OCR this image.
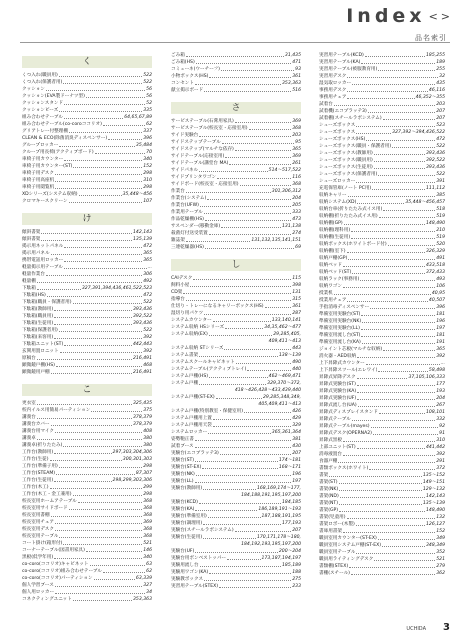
Index < >
品名索引
く
くつ入れ(職員用)	522
くつ入れ(保護者用)	522
クッション	56
クッション(EVA製ドーナツ型)	56
クッションスタンド	52
クッションビーズ	335
組み合わせテーブル	64,65,67,89
組み合わせテーブル(co-coroココリオ)	62
グリアトレー付整理棚	337
CLEAN & ECO(除菌消臭ディスペンサー)	396
グループロッカー	35,484
クループ用長椅(アクティブボード)	70
車椅子用カウンター	340
車椅子用カウンター(ST)	152
車椅子用デスク	298
車椅子用高座机	310
車椅子用閲覧机	298
XDシリーズ(システム収納)	35,448〜456
クロマキースクリーン	107
け
傾斜書架	142,143
傾斜書架	135,139
掲示用ネットパネル	472
掲示用パネル	365
携帯電話用ロッカー	365
軽量掲示用テーブル	...
軽量作業台	306
軽量棚	492
下駄箱	327,391,394,436,461,522,523
下駄箱(HS)	472
下駄箱(職員・保護者用)	522
下駄箱(教師用)	393,436
下駄箱(職員用)	392,522
下駄箱(生徒用)	393,436
下駄箱(保護者用)	522
下駄箱(来客用)	392
下駄箱ユニット(ST)	442,443
玄関用置ロニット	392
原稿台	216,491
顕微鏡戸棚(HS)	468
顕微鏡用戸棚	216,491
こ
更衣室	325,435
校内イルス用簡易パーティション	375
講義台	378,379
講義台カバー	378,379
講義台用マイク	408
講義卓	380
講義卓(折りたたみ)	380
工作台(教師用)	297,303,304,306
工作台(生徒)	300,301,303
工作台(準備子用)	298
工作台(STEAM)	87,307
工作台(生徒用)	298,299,303,306
工作台(木工)	299
工作台(木工・金工兼用)	298
校長室用ホームアテーブル	368
校長室用サイドボード	368
校長室用書棚	368
校長室用チェア	369
校長室用デスク	368
校長室用テーブル	368
コート掛け(箱形付)	521
コーナーテーブル(図書用家具)	146
黒板(低学年用)	340
co-coro(ココリオ)キャビネット	63
co-coro(ココリオ)組み合わせテーブル	62
co-coro(ココリオ)パーティション	63,339
個人学習ブース	327
個人用ロッカー	34
コネクティングユニット	353,363
ごみ箱	31,435
ごみ箱(HS)	471
コミューネ(ウーチーフ)	93
小物ボックス(HS)	361
コンセント	353,363
献立掲示ボード	516
さ
サービステーブル(石膏用家具)	369
サービステーブル(校長室・応接室用)	368
サイド実験台	203
サイドステップテーブル	95
サイドステップ(マルチな依存)	365
サイドテーブル(応接室用)	369
サイドテーブル(講堂台 MA)	261
サイドパネル	514〜517,522
サイドプリンタワゴン	116
サイドボード(校長室・応接室用)	368
作業台	301,306,312
作業台(システム)	204
作業台(UFW)	205
作業用テーブル	333
作品乾燥棚(HS)	473
サスペンダー(移動金庫)	131,138
殺菌灯付送受装置	274
雑誌架	131,132,135,141,151
三連乾燥器(HS)	69
し
CAIデスク	115
飼料小屋	398
CD架	131
指導台	315
仕切り・トレーになるキャリーボックス(HS)	361
湿切り用パケツ	287
システムカウンター	133,140,141
システム収納 HSシリーズ	34,35,462〜477
システム収納(EX)	29,285,405,
409,411〜413
システム収納 STシリーズ	443
システム書架	138〜139
システムスクールキャビネット	490
システムテーブル(アクティブトレイ)	440
システム戸棚(HS)	462〜469,471
システム戸棚	329,370〜372,
418〜426,428〜433,439,440
システム戸棚(ST-EX)	29,285,348,349,
405,409,411〜413
システム戸棚(特別教室・保健室用)	426
システム戸棚用上置	429
システム戸棚用天袋	329
システムロッカー	365,361,364
姿勢鞄正書	381
試着ブース	430
実験台(エコブラッテ3)	207
実験台(ST)	174〜181
実験台(ST-EX)	168〜171
実験台(NK)	196
実験台(LL)	197
実験台(教師用)	168,169,174〜177,
184,188,191,195,197,200
実験台(KCD)	184,185
実験台(KA)	186,189,191〜193
実験台(準備室用)	187,188,191,195
実験台(調理用)	177,193
実験台(スチールラボシステム)	207
実験台(生徒用)	170,171,178〜180,
184,192,193,195,197,200
実験台(UF)	200〜204
実験台用ボンベストッパー	173,187,194,197
実験用流し台	185,189
実験用ワゴン(KA)	188
実験教ボックス	275
実習用テーブル(STEX)	233
実習用テーブル(KCD)	185,255
実習用テーブル(KA)	189
実習用テーブル(被服教育用)	255
実習用デスク	32
湿気取ロッカー	435
事務用デスク	46,116
事務用チェア	46,352〜355
試着台	203
試着機(エコプラッテ3)	207
試着棚(スチールラボシステム)	207
シューズボックス	523
シューズボックス	327,392〜394,436,522
シューズボックス(HS)	472
シューズボックス(職員・保護者用)	522
シューズボックス(教師用)	393,436
シューズボックス(職員用)	392,522
シューズボックス(生徒用)	393,436
シューズボックス(保護者用)	522
シューズロッカー	391
充電保管庫(ノート PC用)	111,112
収納キャリー	385
収納システム(XD)	35,448〜456,457
収納台車(折りたたみ式イス用)	518
収納棚(折りたたみ式イス用)	519
収納棚(GP)	148,490
収納棚(理科用)	210
収納棚(生徒用)	519
収納ボックス(ホワイトボード付)	520
収納棚(室下)	326,329
収納戸棚(GP)	491
収納ベッド	433,518
収納ベッド(ST)	372,433
収納ラック(事務用)	493
収納ワゴン	106
授業机	40,95
授業用チェア	40,507
手指消毒ディスペンサー	396
準備室用実験台(ST)	181
準備室用実験台(NK)	196
準備室用実験台(LL)	197
準備室用流し台(ST)	181
準備室用流し台(KA)	191
ジョイント芯板(マルチな収納)	365
消火器・AED収納	392
上下昇降式カウンター	...
上下昇降スツール(エレワイ)	58,498
昇降式昇降デスク	37,105,106,333
昇降式実験台(ST)	177
昇降式実験台(KA)	193
昇降式実験台(UF)	204
昇降式流し台(UA)	267
昇降式ディスプレイスタンド	108,101
昇降式テーブル	332
昇降式テーブル(mayes)	92
昇降式デスク(OPERNA2)	91
昇降式黒板	310
上部ユニット(ST)	441,442
消毒液置台	392
食器戸棚	291
書類ボックス(ホワイト)	372
書架	135〜152
書架(ST)	149〜151
書架(NK)	129〜132
書架(ND)	142,143
書架(NT)	135〜139
書架(GP)	148,490
書架(児童用)	132
書架ロボー(木製)	126,127
書庫用書架	152
職員室用カウンター(ST-EX)	349
職員室用システム戸棚(ST-EX)	348,349
職員室用テーブル	352
職員用ライティングデスク	521
書類棚(STEX)	279
書棚(スチール)	362
UCHIDA 3
